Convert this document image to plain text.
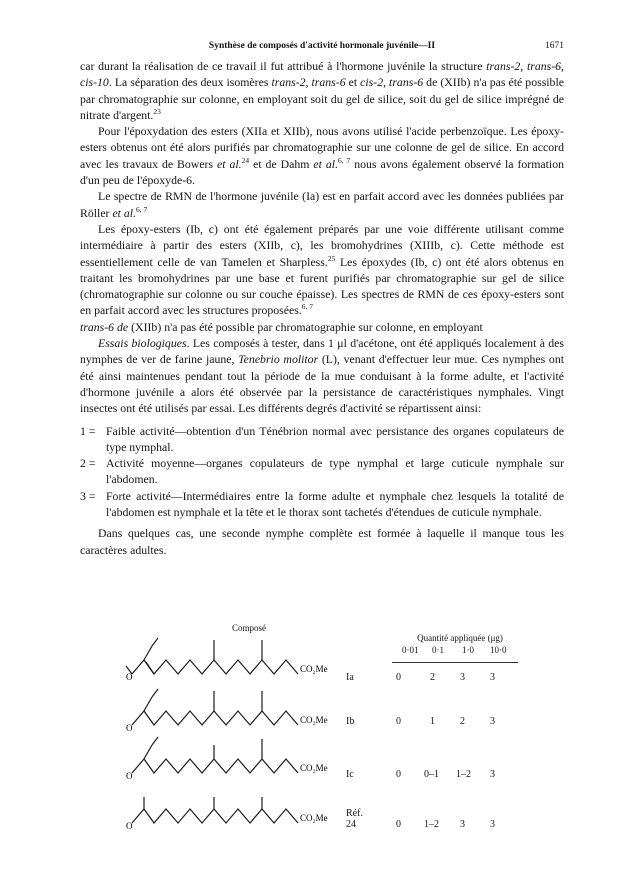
Synthèse de composés d'activité hormonale juvénile—II	1671

car durant la réalisation de ce travail il fut attribué à l'hormone juvénile la structure trans-2, trans-6, cis-10. La séparation des deux isomères trans-2, trans-6 et cis-2, trans-6 de (XIIb) n'a pas été possible par chromatographie sur colonne, en employant soit du gel de silice, soit du gel de silice imprégné de nitrate d'argent.$^{23}$

Pour l'époxydation des esters (XIIa et XIIb), nous avons utilisé l'acide perbenzoïque. Les époxy-esters obtenus ont été alors purifiés par chromatographie sur une colonne de gel de silice. En accord avec les travaux de Bowers et al.$^{24}$ et de Dahm et al.$^{6, 7}$ nous avons également observé la formation d'un peu de l'époxyde-6.

Le spectre de RMN de l'hormone juvénile (Ia) est en parfait accord avec les données publiées par Röller et al.$^{6, 7}$

Les époxy-esters (Ib, c) ont été également préparés par une voie différente utilisant comme intermédiaire à partir des esters (XIIb, c), les bromohydrines (XIIIb, c). Cette méthode est essentiellement celle de van Tamelen et Sharpless.$^{25}$ Les époxydes (Ib, c) ont été alors obtenus en traitant les bromohydrines par une base et furent purifiés par chromatographie sur gel de silice (chromatographie sur colonne ou sur couche épaisse). Les spectres de RMN de ces époxy-esters sont en parfait accord avec les structures proposées.$^{6, 7}$

trans-6 de (XIIb) n'a pas été possible par chromatographie sur colonne, en employant

Essais biologiques. Les composés à tester, dans 1 μl d'acétone, ont été appliqués localement à des nymphes de ver de farine jaune, Tenebrio molitor (L), venant d'effectuer leur mue. Ces nymphes ont été ainsi maintenues pendant tout la période de la mue conduisant à la forme adulte, et l'activité d'hormone juvénile a alors été observée par la persistance de caractéristiques nymphales. Vingt insectes ont été utilisés par essai. Les différents degrés d'activité se répartissent ainsi:

1 = Faible activité—obtention d'un Ténébrion normal avec persistance des organes copulateurs de type nymphal.
2 = Activité moyenne—organes copulateurs de type nymphal et large cuticule nymphale sur l'abdomen.
3 = Forte activité—Intermédiaires entre la forme adulte et nymphale chez lesquels la totalité de l'abdomen est nymphale et la tête et le thorax sont tachetés d'étendues de cuticule nymphale.

Dans quelques cas, une seconde nymphe complète est formée à laquelle il manque tous les caractères adultes.

Composé
Quantité appliquée (μg)
0·01 0·1 1·0 10·0
CO₂Me
O	Ia	0	2	3	3
CO₂Me
O
Ib	0	1	2	3
CO₂Me
O	Ic	0 0–1 1–2 3
CO₂Me
O
Réf.
24	0 1–2 3	3
